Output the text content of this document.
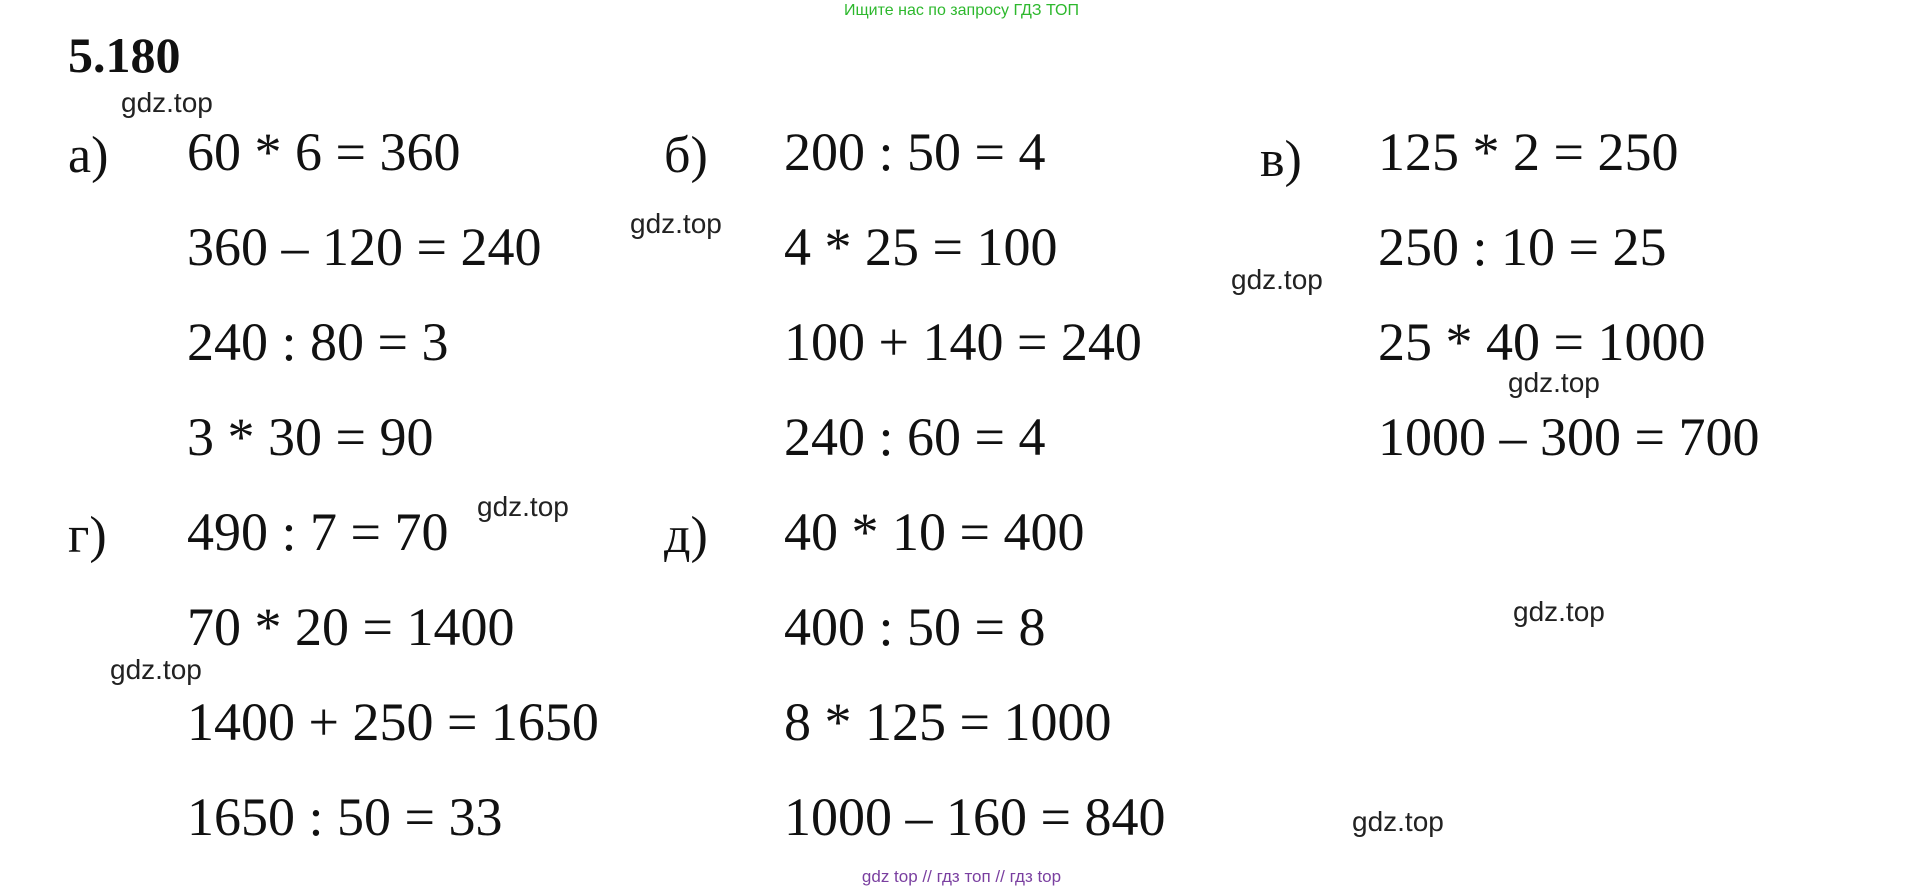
Ищите нас по запросу ГДЗ ТОП
5.180
а) 60 * 6 = 360
360 – 120 = 240
240 : 80 = 3
3 * 30 = 90
б) 200 : 50 = 4
4 * 25 = 100
100 + 140 = 240
240 : 60 = 4
в) 125 * 2 = 250
250 : 10 = 25
25 * 40 = 1000
1000 – 300 = 700
г) 490 : 7 = 70
70 * 20 = 1400
1400 + 250 = 1650
1650 : 50 = 33
д) 40 * 10 = 400
400 : 50 = 8
8 * 125 = 1000
1000 – 160 = 840
gdz.top
gdz.top
gdz.top
gdz.top
gdz.top
gdz.top
gdz.top
gdz.top
gdz top // гдз топ // гдз top
